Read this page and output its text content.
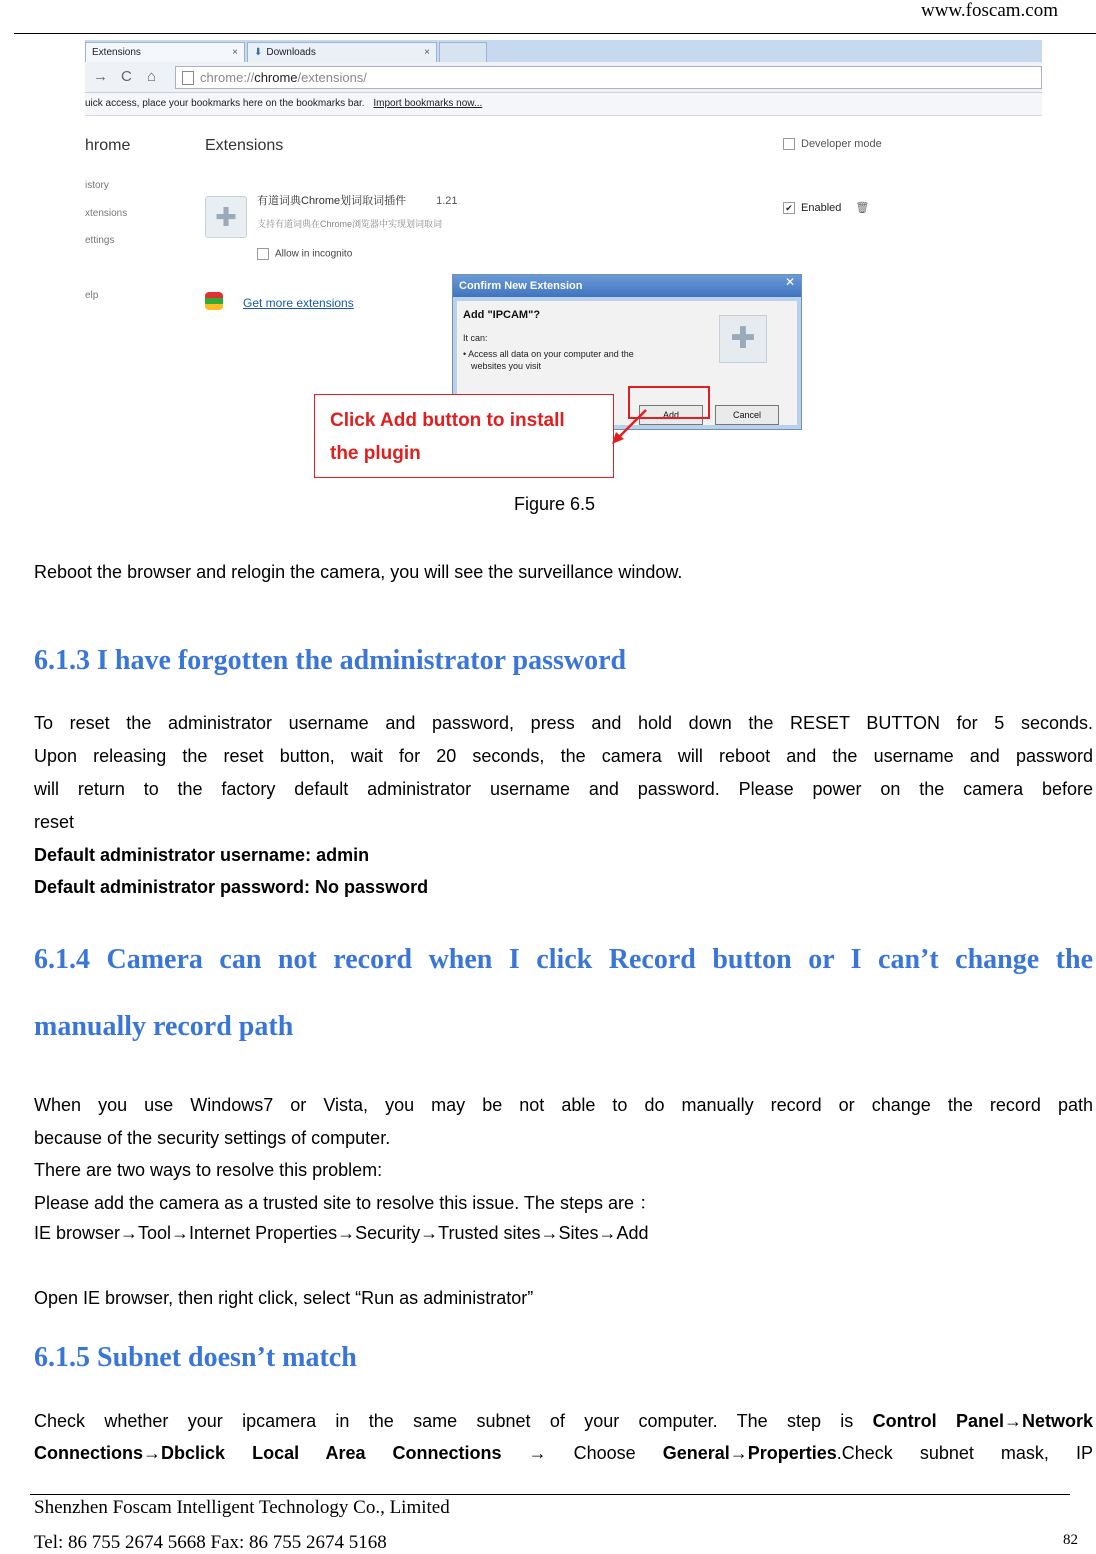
www.foscam.com
Extensions	×	⬇ Downloads	×
→ C ⌂	chrome://chrome/extensions/
uick access, place your bookmarks here on the bookmarks bar. Import bookmarks now...
hrome
istory
xtensions
ettings
elp
Extensions	Developer mode
✚
有道词典Chrome划词取词插件	1.21
支持有道词典在Chrome浏览器中实现划词取词
Allow in incognito
✔ Enabled 🗑
Get more extensions
Confirm New Extension	✕
Add "IPCAM"?
It can:
• Access all data on your computer and the
websites you visit
✚
Add	Cancel
Click Add button to install
the plugin
Figure 6.5

Reboot the browser and relogin the camera, you will see the surveillance window.

6.1.3 I have forgotten the administrator password

To reset the administrator username and password, press and hold down the RESET BUTTON for 5 seconds.

Upon releasing the reset button, wait for 20 seconds, the camera will reboot and the username and password

will return to the factory default administrator username and password. Please power on the camera before

reset

Default administrator username: admin

Default administrator password: No password

6.1.4 Camera can not record when I click Record button or I can’t change the
manually record path

When you use Windows7 or Vista, you may be not able to do manually record or change the record path

because of the security settings of computer.

There are two ways to resolve this problem:

Please add the camera as a trusted site to resolve this issue. The steps are ：

IE browser→Tool→Internet Properties→Security→Trusted sites→Sites→Add

Open IE browser, then right click, select “Run as administrator”

6.1.5 Subnet doesn’t match

Check whether your ipcamera in the same subnet of your computer. The step is Control Panel→Network

Connections→Dbclick Local Area Connections → Choose General→Properties.Check subnet mask, IP

Shenzhen Foscam Intelligent Technology Co., Limited
Tel: 86 755 2674 5668 Fax: 86 755 2674 5168	82
